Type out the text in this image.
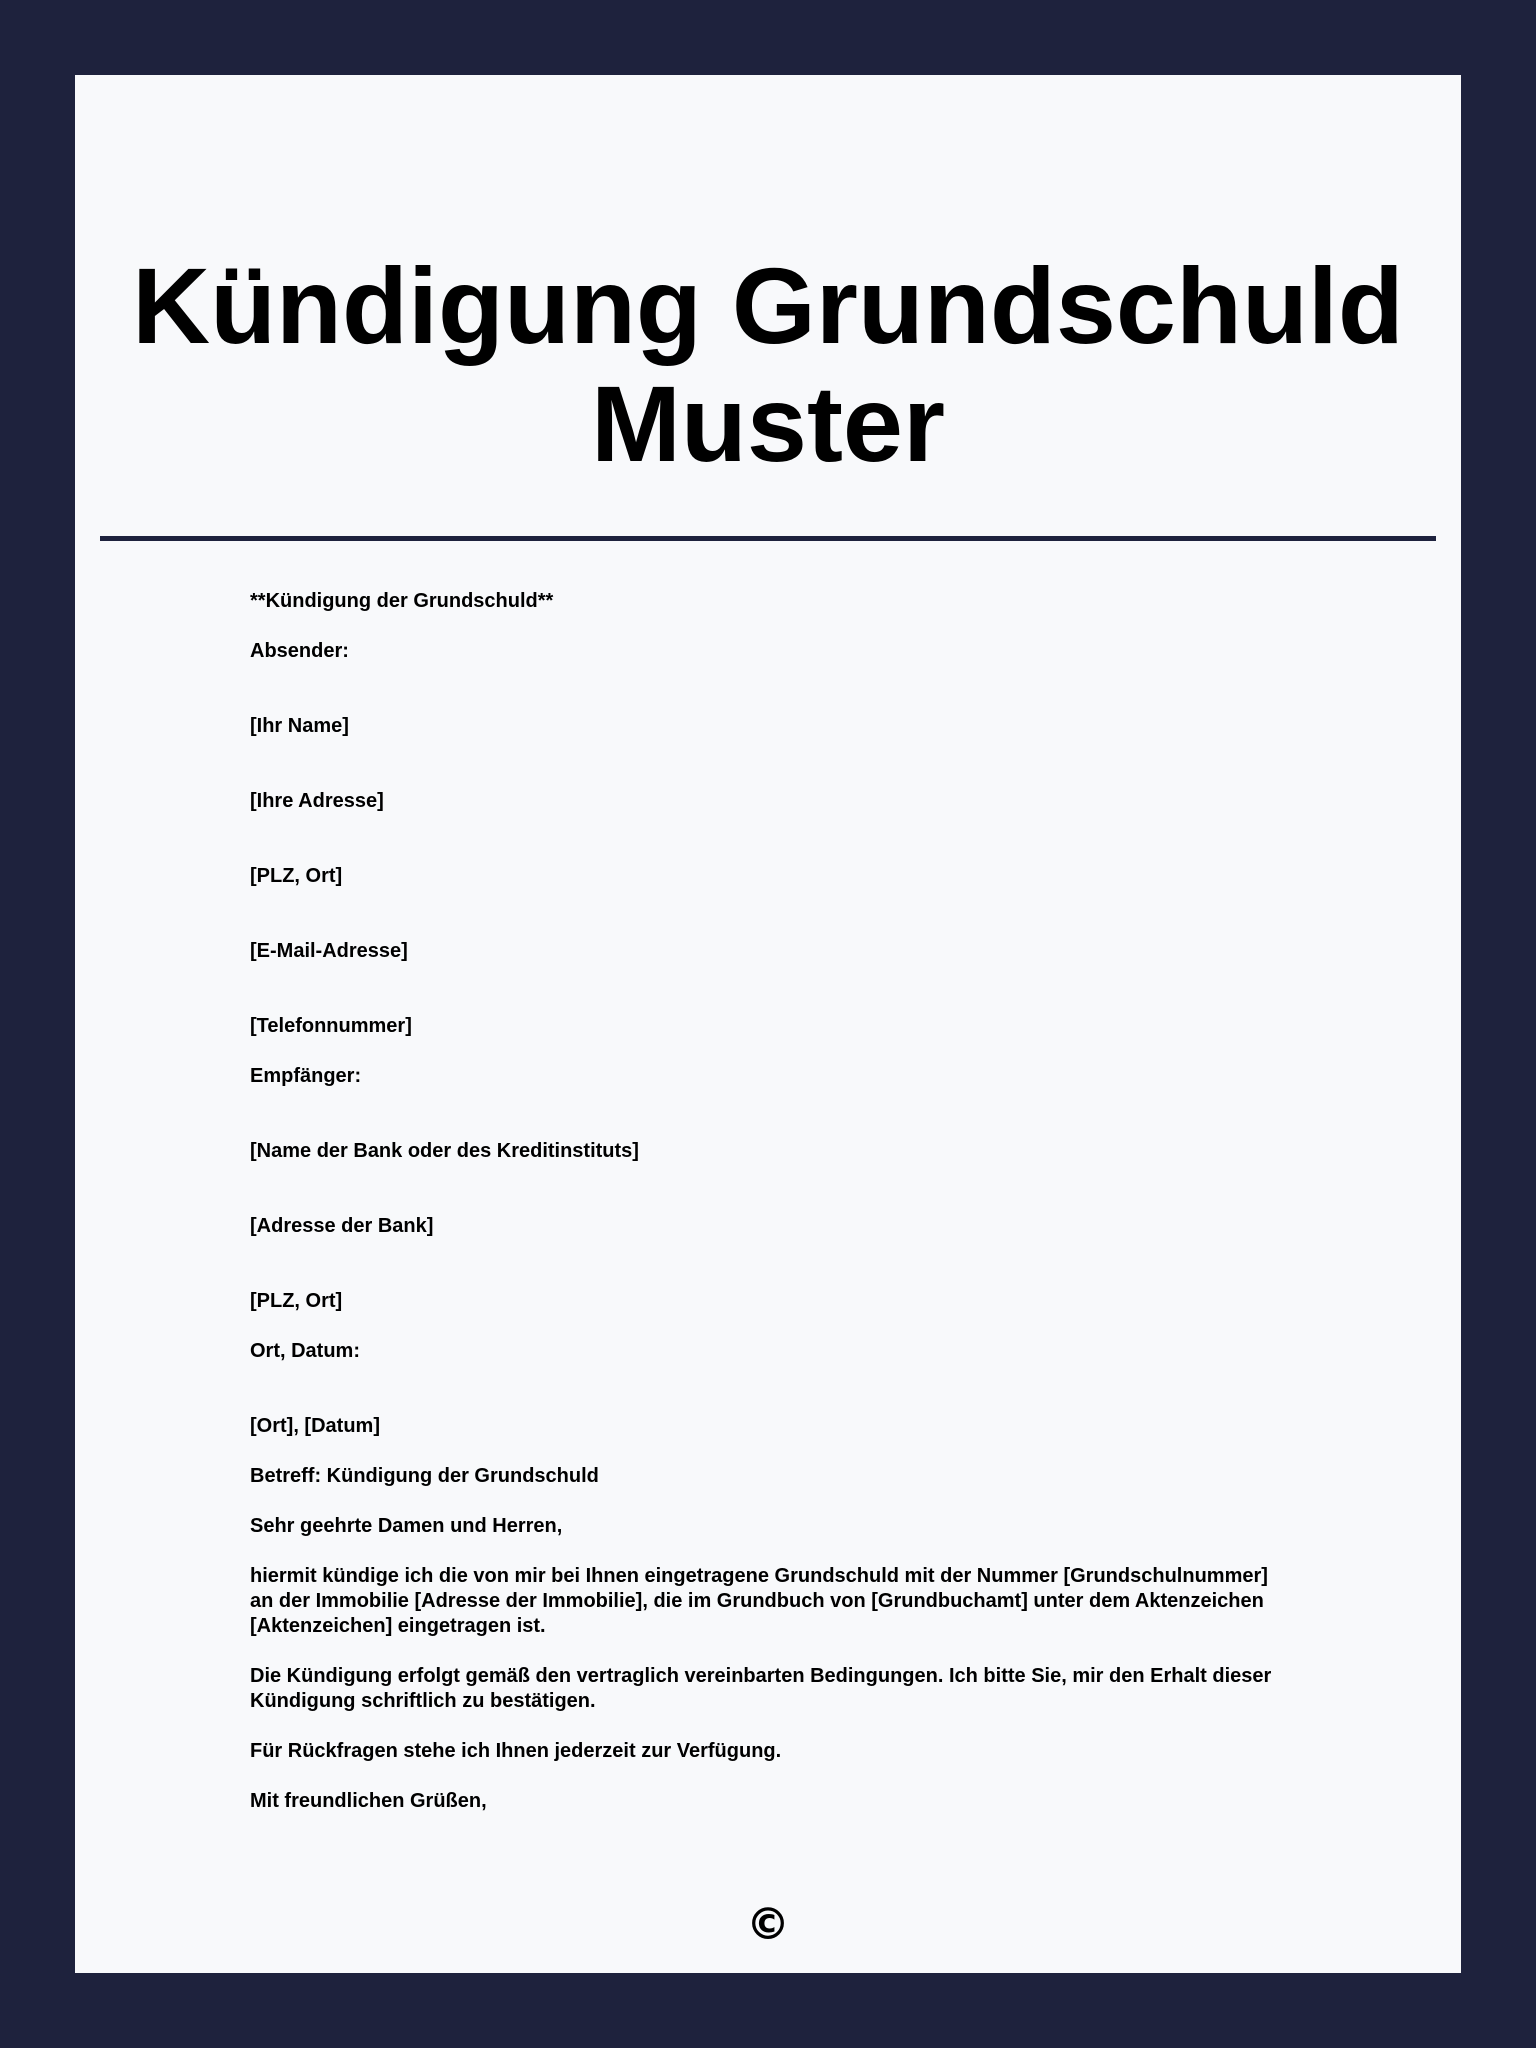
Kündigung Grundschuld
Muster
**Kündigung der Grundschuld**
Absender:
[Ihr Name]
[Ihre Adresse]
[PLZ, Ort]
[E-Mail-Adresse]
[Telefonnummer]
Empfänger:
[Name der Bank oder des Kreditinstituts]
[Adresse der Bank]
[PLZ, Ort]
Ort, Datum:
[Ort], [Datum]
Betreff: Kündigung der Grundschuld
Sehr geehrte Damen und Herren,
hiermit kündige ich die von mir bei Ihnen eingetragene Grundschuld mit der Nummer [Grundschulnummer]
an der Immobilie [Adresse der Immobilie], die im Grundbuch von [Grundbuchamt] unter dem Aktenzeichen
[Aktenzeichen] eingetragen ist.
Die Kündigung erfolgt gemäß den vertraglich vereinbarten Bedingungen. Ich bitte Sie, mir den Erhalt dieser
Kündigung schriftlich zu bestätigen.
Für Rückfragen stehe ich Ihnen jederzeit zur Verfügung.
Mit freundlichen Grüßen,
©
